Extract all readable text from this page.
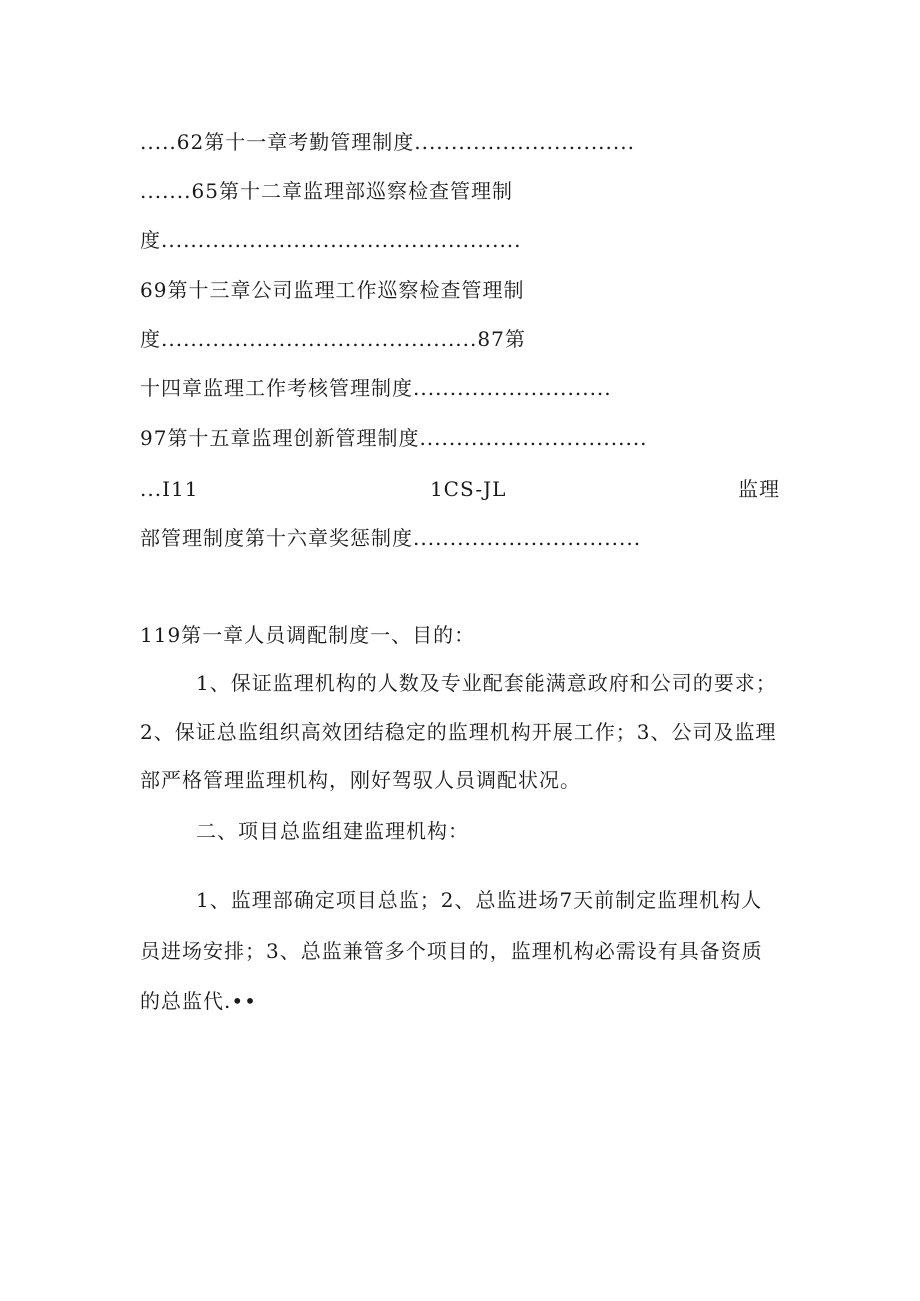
.....62第十一章考勤管理制度..............................
.......65第十二章监理部巡察检查管理制
度.................................................
69第十三章公司监理工作巡察检查管理制
度...........................................87第
十四章监理工作考核管理制度...........................
97第十五章监理创新管理制度...............................
...I11	1CS-JL	监理
部管理制度第十六章奖惩制度...............................
119第一章人员调配制度一、目的：
1、保证监理机构的人数及专业配套能满意政府和公司的要求；
2、保证总监组织高效团结稳定的监理机构开展工作；3、公司及监理
部严格管理监理机构，刚好驾驭人员调配状况。
二、项目总监组建监理机构：
1、监理部确定项目总监；2、总监进场7天前制定监理机构人
员进场安排；3、总监兼管多个项目的，监理机构必需设有具备资质
的总监代.••
